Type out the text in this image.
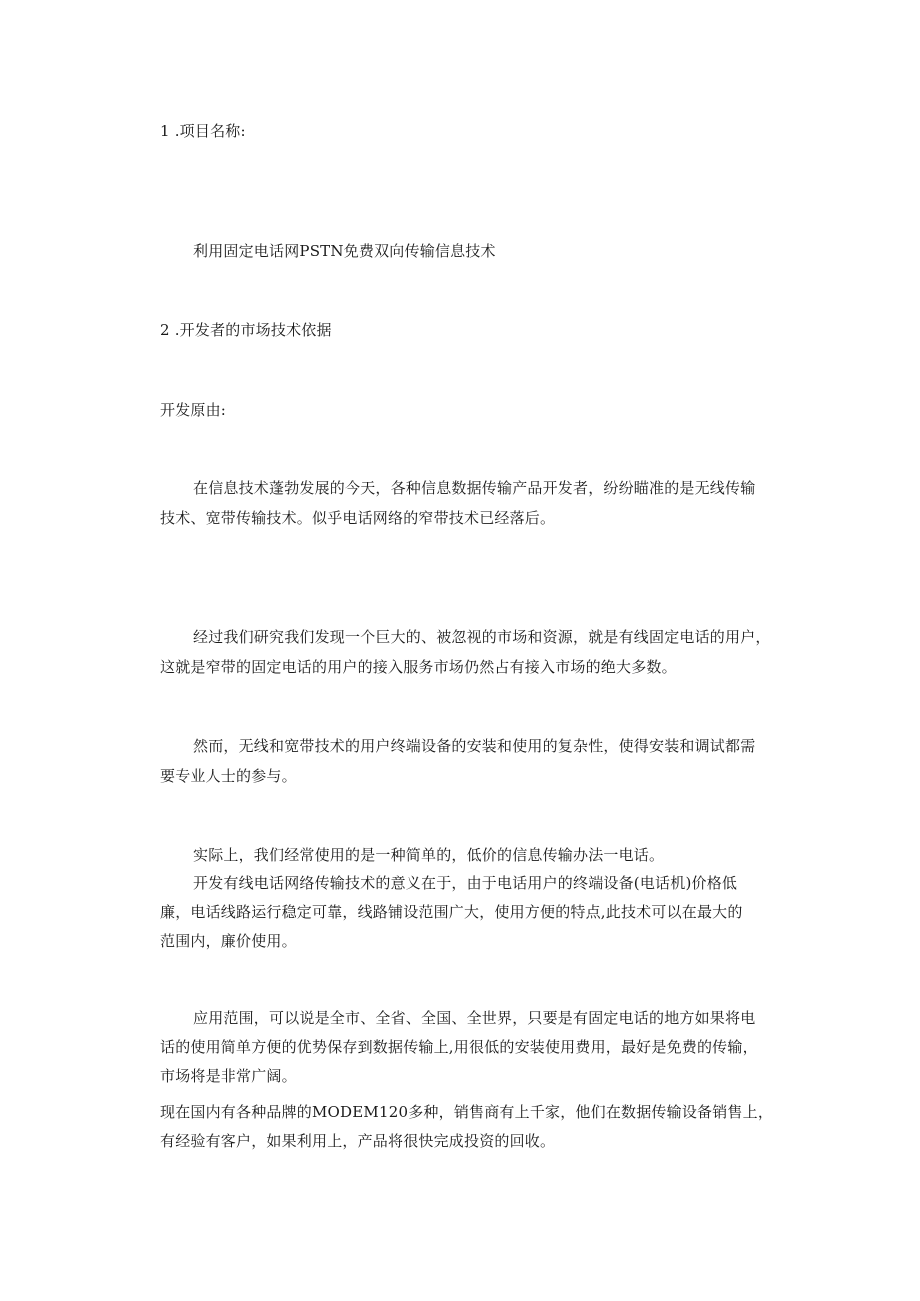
1 .项目名称:
利用固定电话网PSTN免费双向传输信息技术
2 .开发者的市场技术依据
开发原由:
在信息技术蓬勃发展的今天，各种信息数据传输产品开发者，纷纷瞄准的是无线传输
技术、宽带传输技术。似乎电话网络的窄带技术已经落后。
经过我们研究我们发现一个巨大的、被忽视的市场和资源，就是有线固定电话的用户，
这就是窄带的固定电话的用户的接入服务市场仍然占有接入市场的绝大多数。
然而，无线和宽带技术的用户终端设备的安装和使用的复杂性，使得安装和调试都需
要专业人士的参与。
实际上，我们经常使用的是一种简单的，低价的信息传输办法一电话。
开发有线电话网络传输技术的意义在于，由于电话用户的终端设备(电话机)价格低
廉，电话线路运行稳定可靠，线路铺设范围广大，使用方便的特点,此技术可以在最大的
范围内，廉价使用。
应用范围，可以说是全市、全省、全国、全世界，只要是有固定电话的地方如果将电
话的使用简单方便的优势保存到数据传输上,用很低的安装使用费用，最好是免费的传输，
市场将是非常广阔。
现在国内有各种品牌的MODEM120多种，销售商有上千家，他们在数据传输设备销售上，
有经验有客户，如果利用上，产品将很快完成投资的回收。
